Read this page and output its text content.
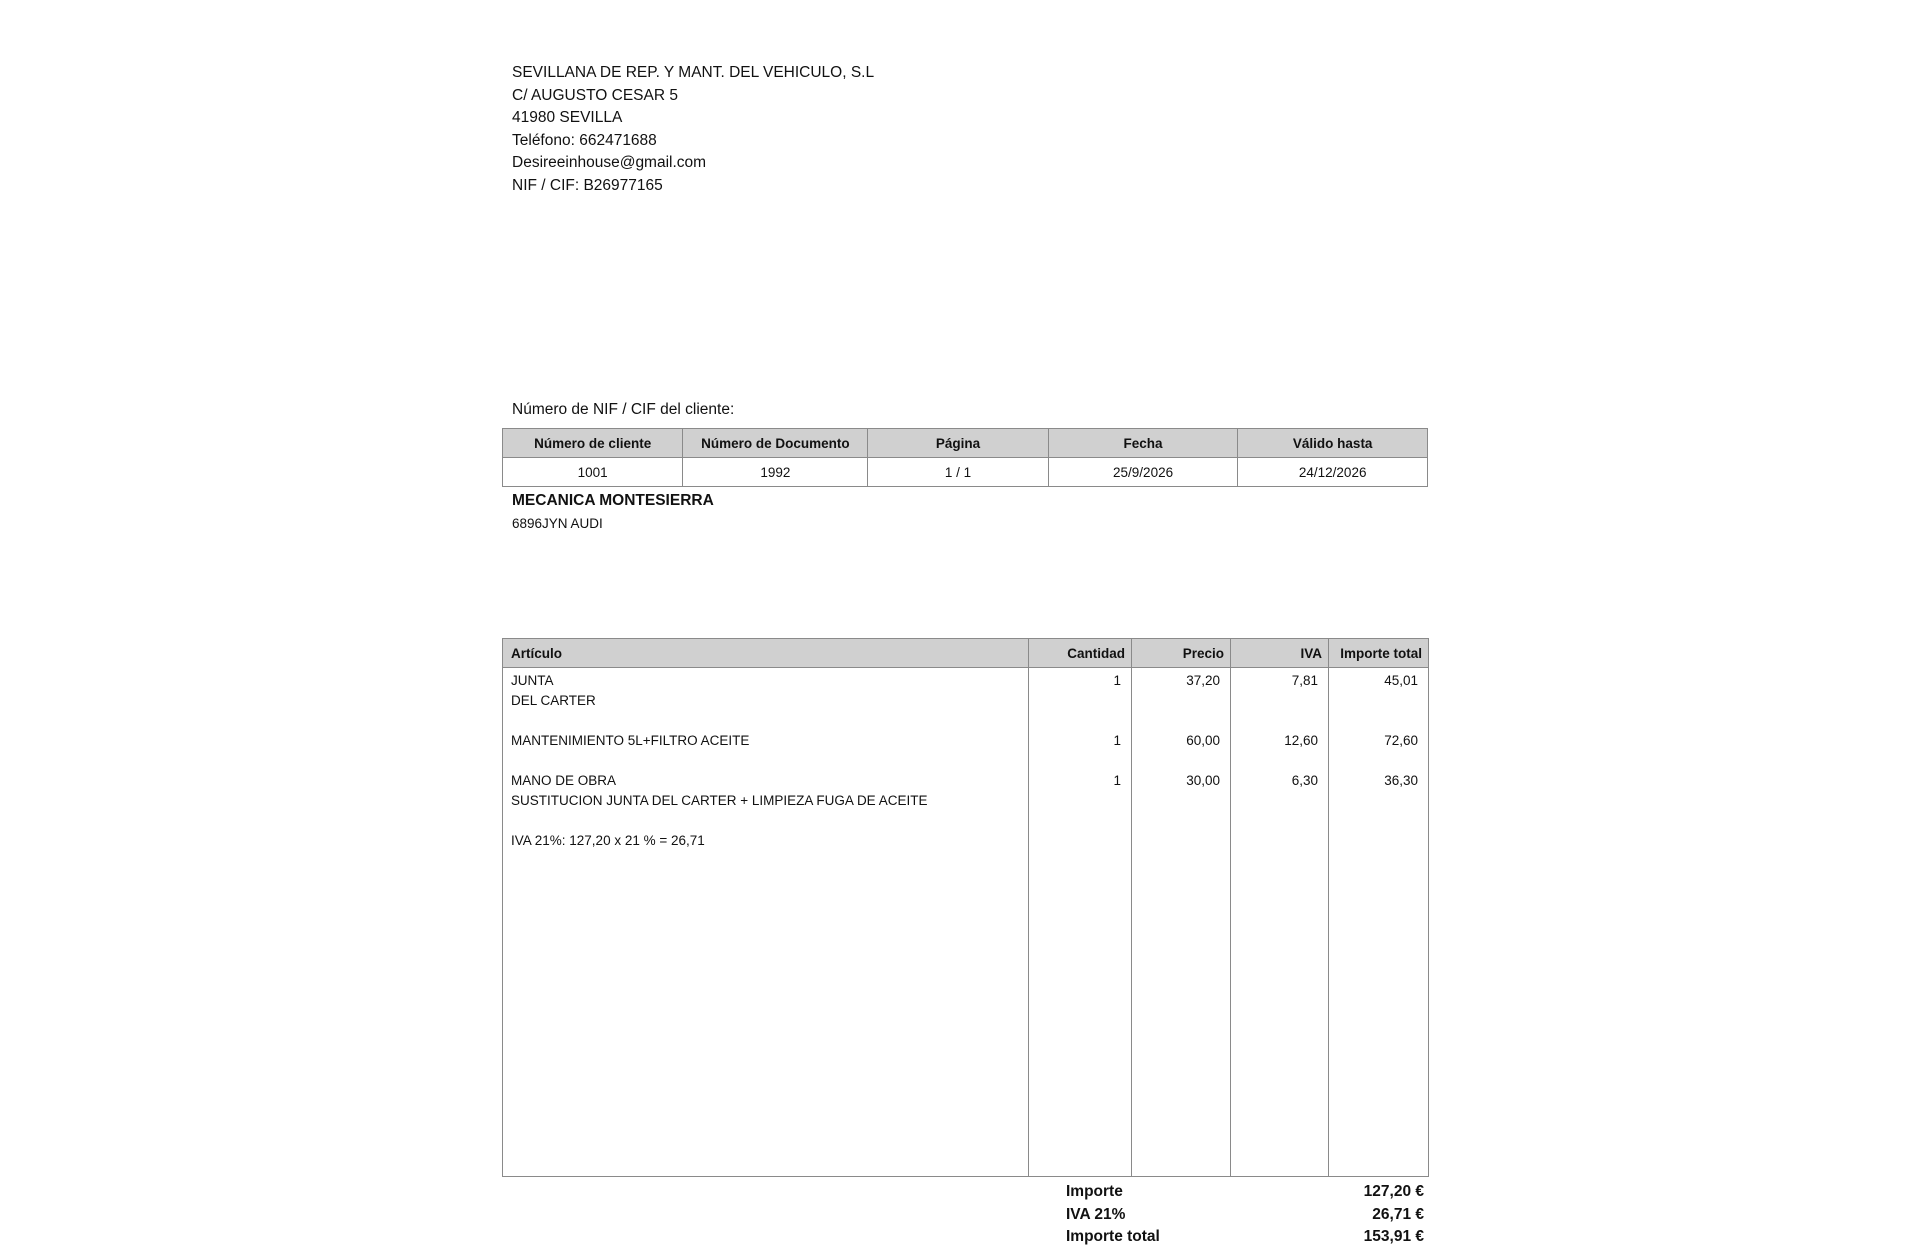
SEVILLANA DE REP. Y MANT. DEL VEHICULO, S.L
C/ AUGUSTO CESAR 5
41980 SEVILLA
Teléfono: 662471688
Desireeinhouse@gmail.com
NIF / CIF: B26977165
Número de NIF / CIF del cliente:
Número de cliente	Número de Documento	Página	Fecha	Válido hasta
1001	1992	1 / 1	25/9/2026	24/12/2026
MECANICA MONTESIERRA
6896JYN AUDI
Artículo	Cantidad	Precio	IVA	Importe total
JUNTA	1	37,20	7,81	45,01
DEL CARTER				

MANTENIMIENTO 5L+FILTRO ACEITE	1	60,00	12,60	72,60

MANO DE OBRA	1	30,00	6,30	36,30
SUSTITUCION JUNTA DEL CARTER + LIMPIEZA FUGA DE ACEITE				

IVA 21%: 127,20 x 21 % = 26,71				

Importe	127,20 €
IVA 21%	26,71 €
Importe total	153,91 €
